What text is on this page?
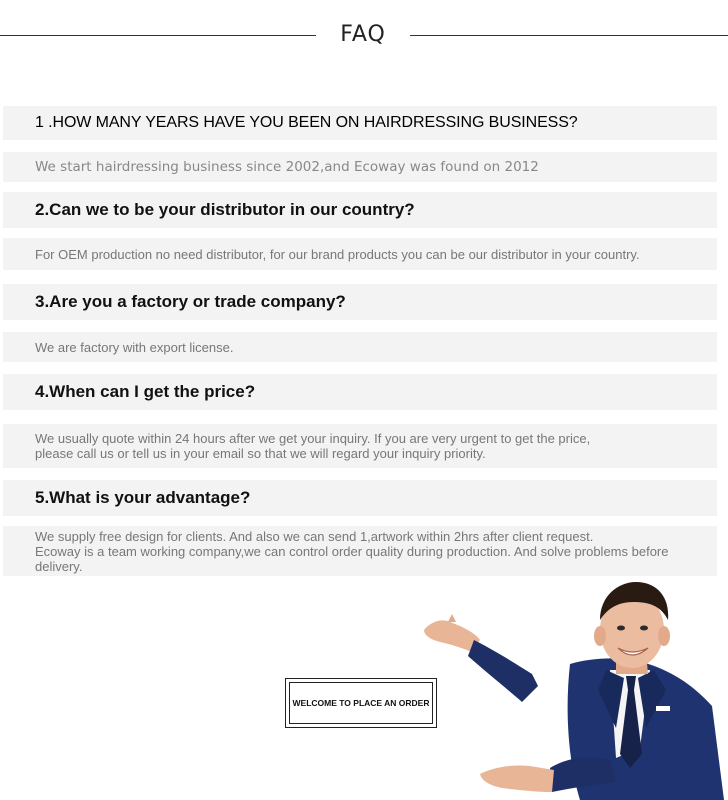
FAQ
1 .HOW MANY YEARS HAVE YOU BEEN ON HAIRDRESSING BUSINESS?
We start hairdressing business since 2002,and Ecoway was found on 2012
2.Can we to be your distributor in our country?
For OEM production no need distributor, for our brand products you can be our distributor in your country.
3.Are you a factory or trade company?
We are factory with export license.
4.When can I get the price?
We usually quote within 24 hours after we get your inquiry. If you are very urgent to get the price,
please call us or tell us in your email so that we will regard your inquiry priority.
5.What is your advantage?
We supply free design for clients. And also we can send 1,artwork within 2hrs after client request.
Ecoway is a team working company,we can control order quality during production. And solve problems before
delivery.
WELCOME TO PLACE AN ORDER
